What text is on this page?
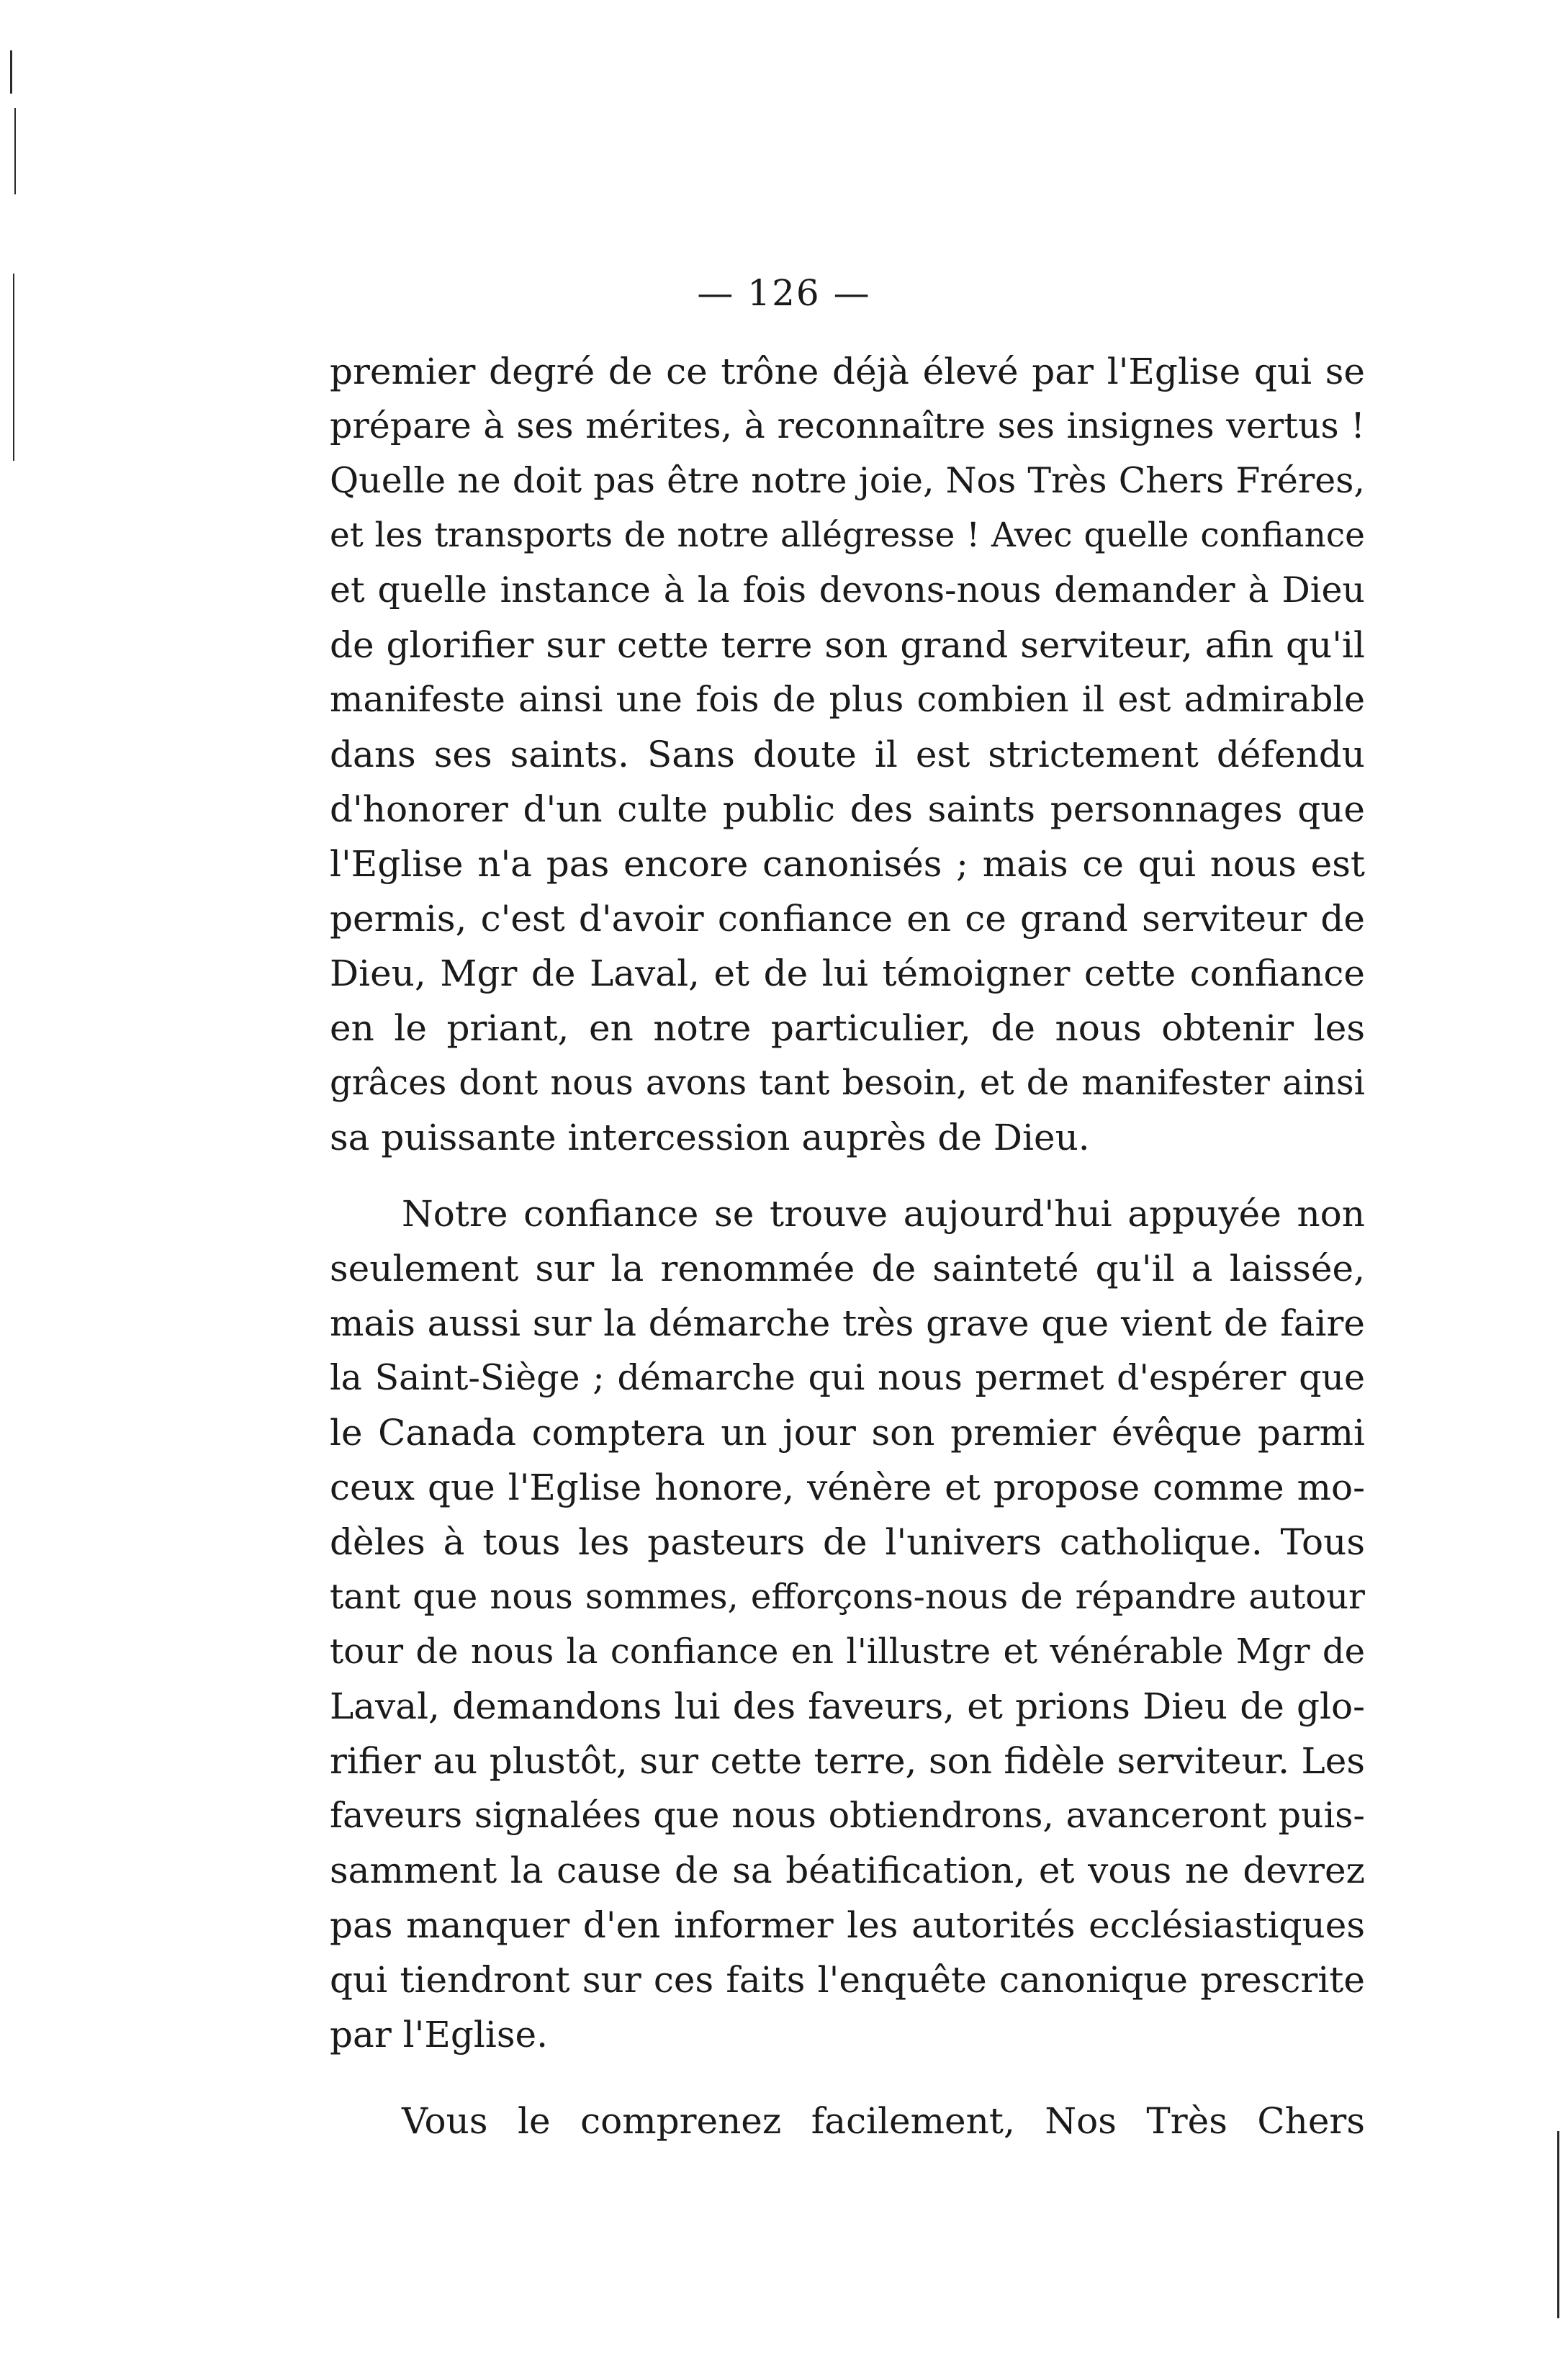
— 126 —
premier degré de ce trône déjà élevé par l'Eglise qui se
prépare à ses mérites, à reconnaître ses insignes vertus !
Quelle ne doit pas être notre joie, Nos Très Chers Fréres,
et les transports de notre allégresse ! Avec quelle confiance
et quelle instance à la fois devons-nous demander à Dieu
de glorifier sur cette terre son grand serviteur, afin qu'il
manifeste ainsi une fois de plus combien il est admirable
dans ses saints. Sans doute il est strictement défendu
d'honorer d'un culte public des saints personnages que
l'Eglise n'a pas encore canonisés ; mais ce qui nous est
permis, c'est d'avoir confiance en ce grand serviteur de
Dieu, Mgr de Laval, et de lui témoigner cette confiance
en le priant, en notre particulier, de nous obtenir les
grâces dont nous avons tant besoin, et de manifester ainsi
sa puissante intercession auprès de Dieu.
Notre confiance se trouve aujourd'hui appuyée non
seulement sur la renommée de sainteté qu'il a laissée,
mais aussi sur la démarche très grave que vient de faire
la Saint-Siège ; démarche qui nous permet d'espérer que
le Canada comptera un jour son premier évêque parmi
ceux que l'Eglise honore, vénère et propose comme mo-
dèles à tous les pasteurs de l'univers catholique. Tous
tant que nous sommes, efforçons-nous de répandre autour
tour de nous la confiance en l'illustre et vénérable Mgr de
Laval, demandons lui des faveurs, et prions Dieu de glo-
rifier au plustôt, sur cette terre, son fidèle serviteur. Les
faveurs signalées que nous obtiendrons, avanceront puis-
samment la cause de sa béatification, et vous ne devrez
pas manquer d'en informer les autorités ecclésiastiques
qui tiendront sur ces faits l'enquête canonique prescrite
par l'Eglise.
Vous le comprenez facilement, Nos Très Chers
